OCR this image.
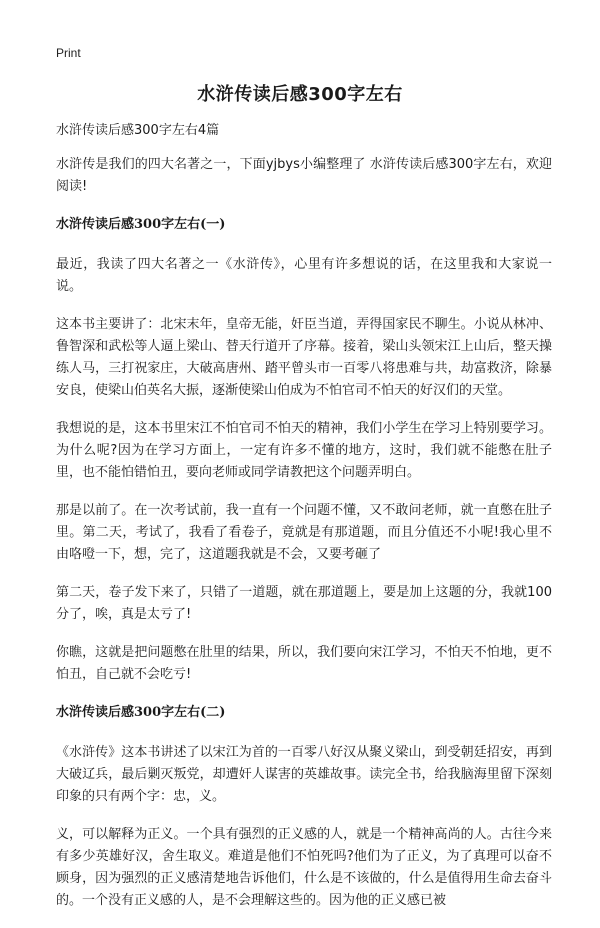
Print
水浒传读后感300字左右

水浒传读后感300字左右4篇

水浒传是我们的四大名著之一，下面yjbys小编整理了 水浒传读后感300字左右，欢迎阅读!

水浒传读后感300字左右(一)

最近，我读了四大名著之一《水浒传》，心里有许多想说的话，在这里我和大家说一说。

这本书主要讲了：北宋末年，皇帝无能，奸臣当道，弄得国家民不聊生。小说从林冲、鲁智深和武松等人逼上梁山、替天行道开了序幕。接着，梁山头领宋江上山后，整天操练人马，三打祝家庄，大破高唐州、踏平曾头市一百零八将患难与共，劫富救济，除暴安良，使梁山伯英名大振，逐渐使梁山伯成为不怕官司不怕天的好汉们的天堂。

我想说的是，这本书里宋江不怕官司不怕天的精神，我们小学生在学习上特别要学习。为什么呢?因为在学习方面上，一定有许多不懂的地方，这时，我们就不能憋在肚子里，也不能怕错怕丑，要向老师或同学请教把这个问题弄明白。

那是以前了。在一次考试前，我一直有一个问题不懂，又不敢问老师，就一直憋在肚子里。第二天，考试了，我看了看卷子，竟就是有那道题，而且分值还不小呢!我心里不由咯噔一下，想，完了，这道题我就是不会，又要考砸了

第二天，卷子发下来了，只错了一道题，就在那道题上，要是加上这题的分，我就100分了，唉，真是太亏了!

你瞧，这就是把问题憋在肚里的结果，所以，我们要向宋江学习，不怕天不怕地，更不怕丑，自己就不会吃亏!

水浒传读后感300字左右(二)

《水浒传》这本书讲述了以宋江为首的一百零八好汉从聚义梁山，到受朝廷招安，再到大破辽兵，最后剿灭叛党，却遭奸人谋害的英雄故事。读完全书，给我脑海里留下深刻印象的只有两个字：忠，义。

义，可以解释为正义。一个具有强烈的正义感的人，就是一个精神高尚的人。古往今来有多少英雄好汉，舍生取义。难道是他们不怕死吗?他们为了正义，为了真理可以奋不顾身，因为强烈的正义感清楚地告诉他们，什么是不该做的，什么是值得用生命去奋斗的。一个没有正义感的人，是不会理解这些的。因为他的正义感已被
